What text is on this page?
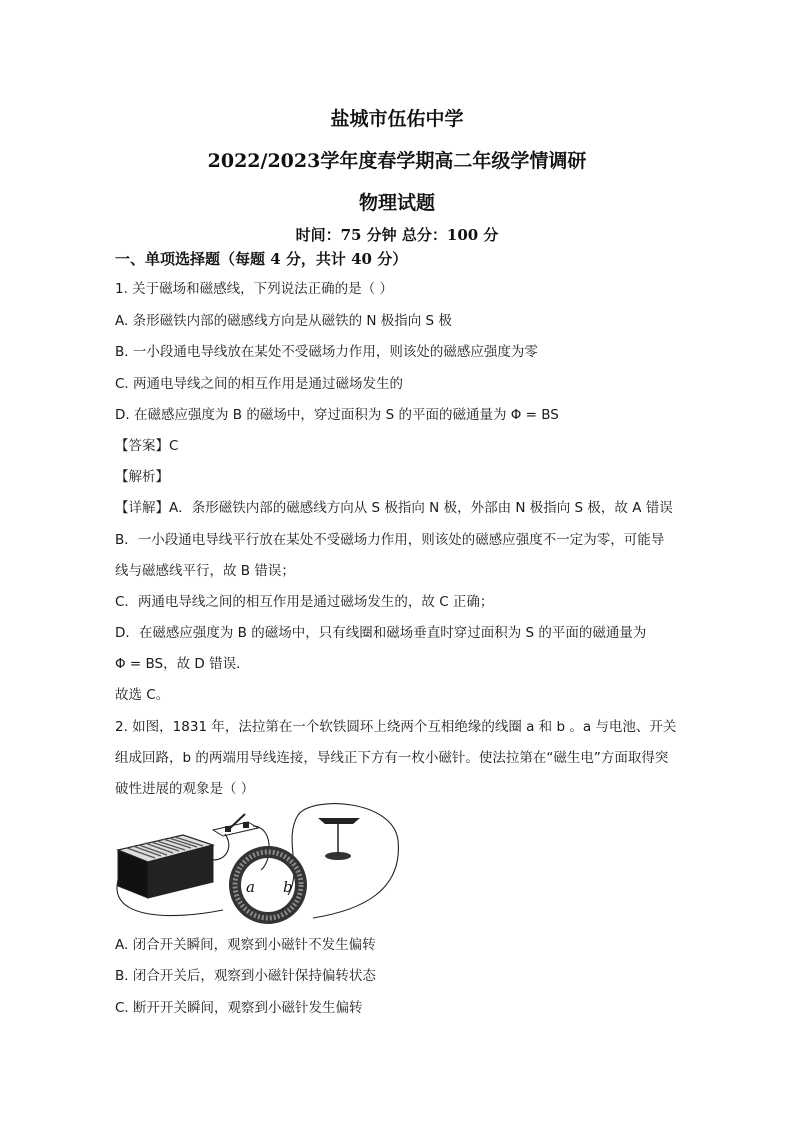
盐城市伍佑中学
2022/2023学年度春学期高二年级学情调研
物理试题
时间：75 分钟 总分：100 分
一、单项选择题（每题 4 分，共计 40 分）
1. 关于磁场和磁感线，下列说法正确的是（ ）
A. 条形磁铁内部的磁感线方向是从磁铁的 N 极指向 S 极
B. 一小段通电导线放在某处不受磁场力作用，则该处的磁感应强度为零
C. 两通电导线之间的相互作用是通过磁场发生的
D. 在磁感应强度为 B 的磁场中，穿过面积为 S 的平面的磁通量为 Φ = BS
【答案】C
【解析】
【详解】A．条形磁铁内部的磁感线方向从 S 极指向 N 极，外部由 N 极指向 S 极，故 A 错误
B．一小段通电导线平行放在某处不受磁场力作用，则该处的磁感应强度不一定为零，可能导
线与磁感线平行，故 B 错误；
C．两通电导线之间的相互作用是通过磁场发生的，故 C 正确；
D．在磁感应强度为 B 的磁场中，只有线圈和磁场垂直时穿过面积为 S 的平面的磁通量为
Φ = BS，故 D 错误．
故选 C。
2. 如图，1831 年，法拉第在一个软铁圆环上绕两个互相绝缘的线圈 a 和 b 。a 与电池、开关
组成回路，b 的两端用导线连接，导线正下方有一枚小磁针。使法拉第在“磁生电”方面取得突
破性进展的观象是（ ）
a b
A. 闭合开关瞬间，观察到小磁针不发生偏转
B. 闭合开关后，观察到小磁针保持偏转状态
C. 断开开关瞬间，观察到小磁针发生偏转
